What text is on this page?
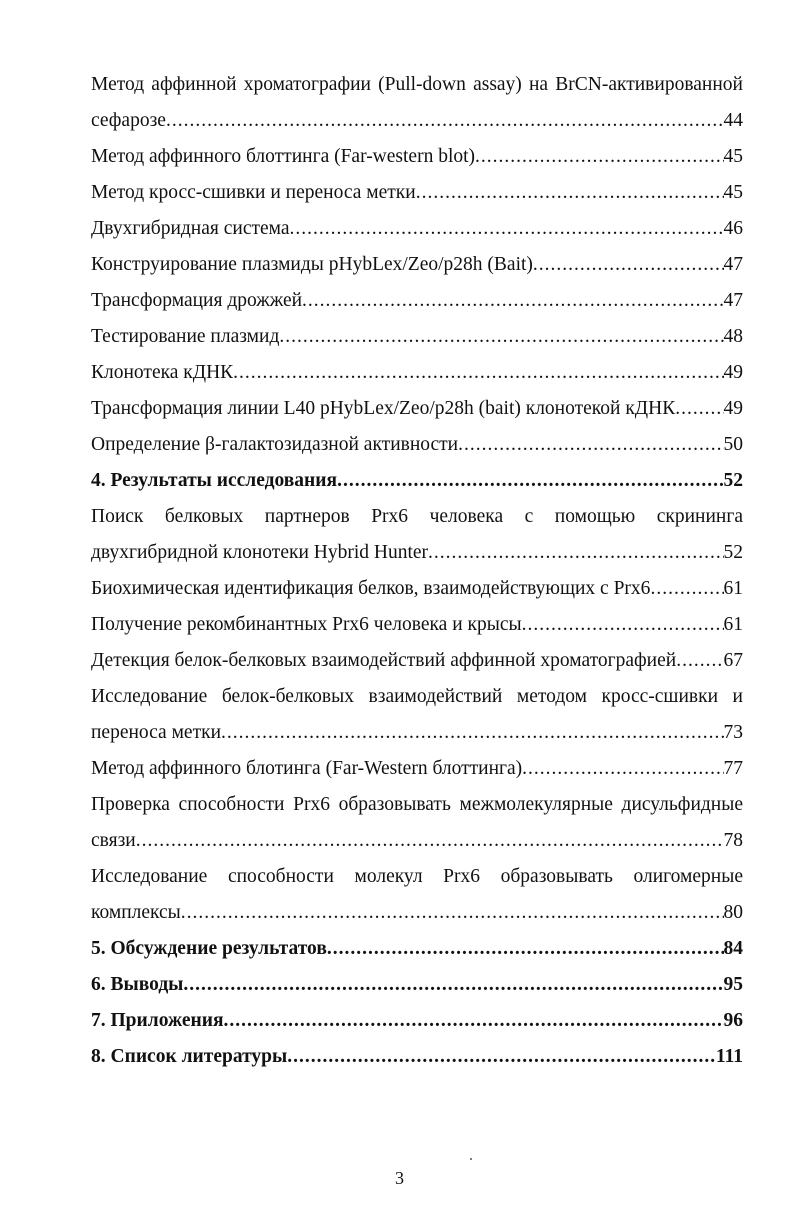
Метод аффинной хроматографии (Pull-down assay) на BrCN-активированной
сефарозе .....	44
Метод аффинного блоттинга (Far-western blot) .....	45
Метод кросс-сшивки и переноса метки .....	45
Двухгибридная система .....	46
Конструирование плазмиды pHybLex/Zeo/p28h (Bait) .....	47
Трансформация дрожжей .....	47
Тестирование плазмид .....	48
Клонотека кДНК .....	49
Трансформация линии L40 pHybLex/Zeo/p28h (bait) клонотекой кДНК ..... 49
Определение β-галактозидазной активности .....	50
4. Результаты исследования .....	52
Поиск белковых партнеров Prx6 человека с помощью скрининга
двухгибридной клонотеки Hybrid Hunter .....	52
Биохимическая идентификация белков, взаимодействующих с Prx6 .....	61
Получение рекомбинантных Prx6 человека и крысы .....	61
Детекция белок-белковых взаимодействий аффинной хроматографией ..... 67
Исследование белок-белковых взаимодействий методом кросс-сшивки и
переноса метки .....	73
Метод аффинного блотинга (Far-Western блоттинга) .....	77
Проверка способности Prx6 образовывать межмолекулярные дисульфидные
связи .....	78
Исследование способности молекул Prx6 образовывать олигомерные
комплексы .....	80
5. Обсуждение результатов .....	84
6. Выводы .....	95
7. Приложения .....	96
8. Список литературы .....	111
3
